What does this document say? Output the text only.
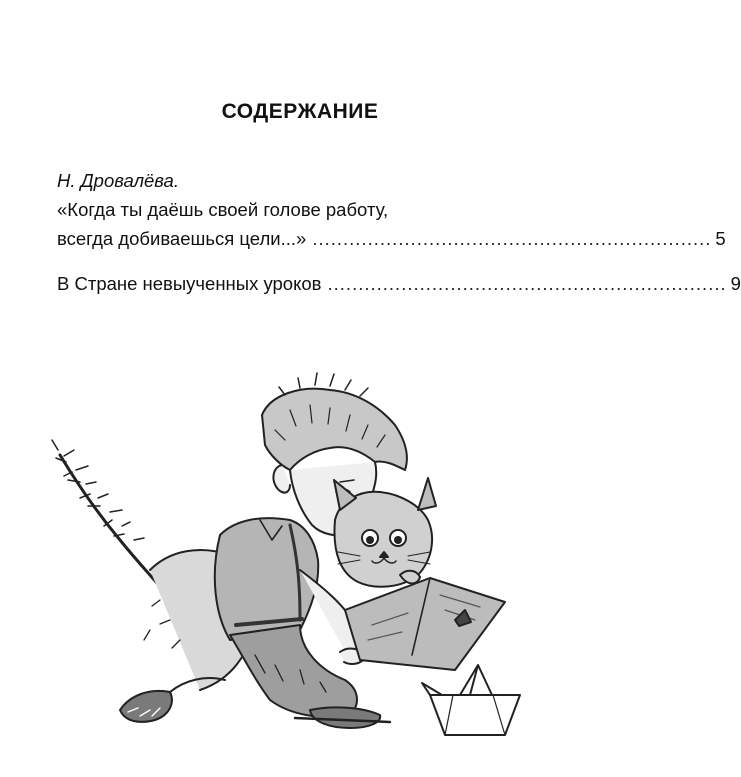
СОДЕРЖАНИЕ
Н. Дровалёва.
«Когда ты даёшь своей голове работу,
всегда добиваешься цели...» ................................................................. 5
В Стране невыученных уроков ................................................................. 9
